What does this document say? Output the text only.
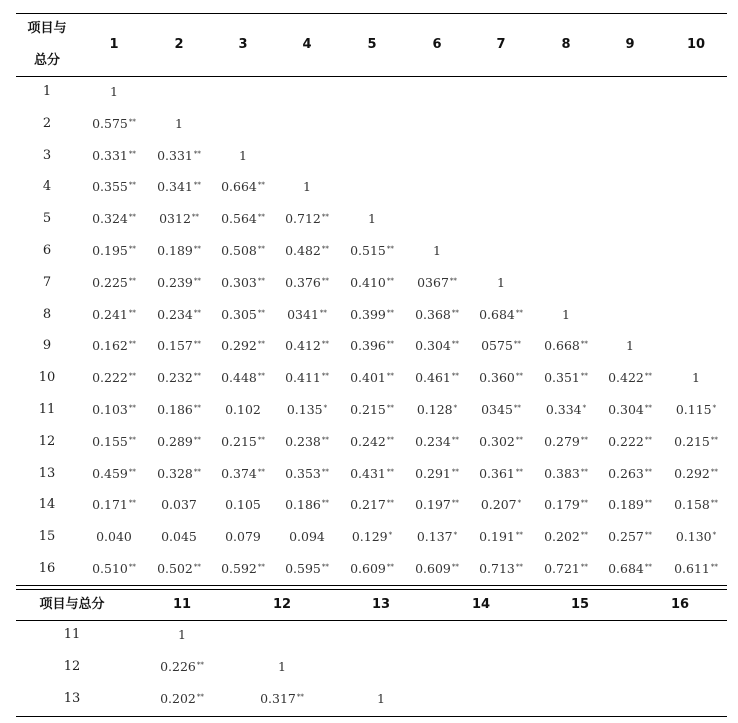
项目与
总分
1	2	3	4	5	6	7	8	9	10
1	1
2	0.575**	1
3	0.331** 0.331**	1
4	0.355** 0.341** 0.664**	1
5	0.324** 0312** 0.564** 0.712**	1
6	0.195** 0.189** 0.508** 0.482** 0.515**	1
7	0.225** 0.239** 0.303** 0.376** 0.410** 0367**	1
8	0.241** 0.234** 0.305** 0341** 0.399** 0.368** 0.684**	1
9	0.162** 0.157** 0.292** 0.412** 0.396** 0.304** 0575** 0.668**	1
10	0.222** 0.232** 0.448** 0.411** 0.401** 0.461** 0.360** 0.351** 0.422**	1
11	0.103** 0.186** 0.102 0.135* 0.215** 0.128* 0345** 0.334* 0.304** 0.115*
12	0.155** 0.289** 0.215** 0.238** 0.242** 0.234** 0.302** 0.279** 0.222** 0.215**
13	0.459** 0.328** 0.374** 0.353** 0.431** 0.291** 0.361** 0.383** 0.263** 0.292**
14	0.171** 0.037 0.105 0.186** 0.217** 0.197** 0.207* 0.179** 0.189** 0.158**
15	0.040 0.045 0.079 0.094 0.129* 0.137* 0.191** 0.202** 0.257** 0.130*
16	0.510** 0.502** 0.592** 0.595** 0.609** 0.609** 0.713** 0.721** 0.684** 0.611**
项目与总分	11	12	13	14	15	16
11	1
12	0.226**	1
13	0.202**	0.317**	1
